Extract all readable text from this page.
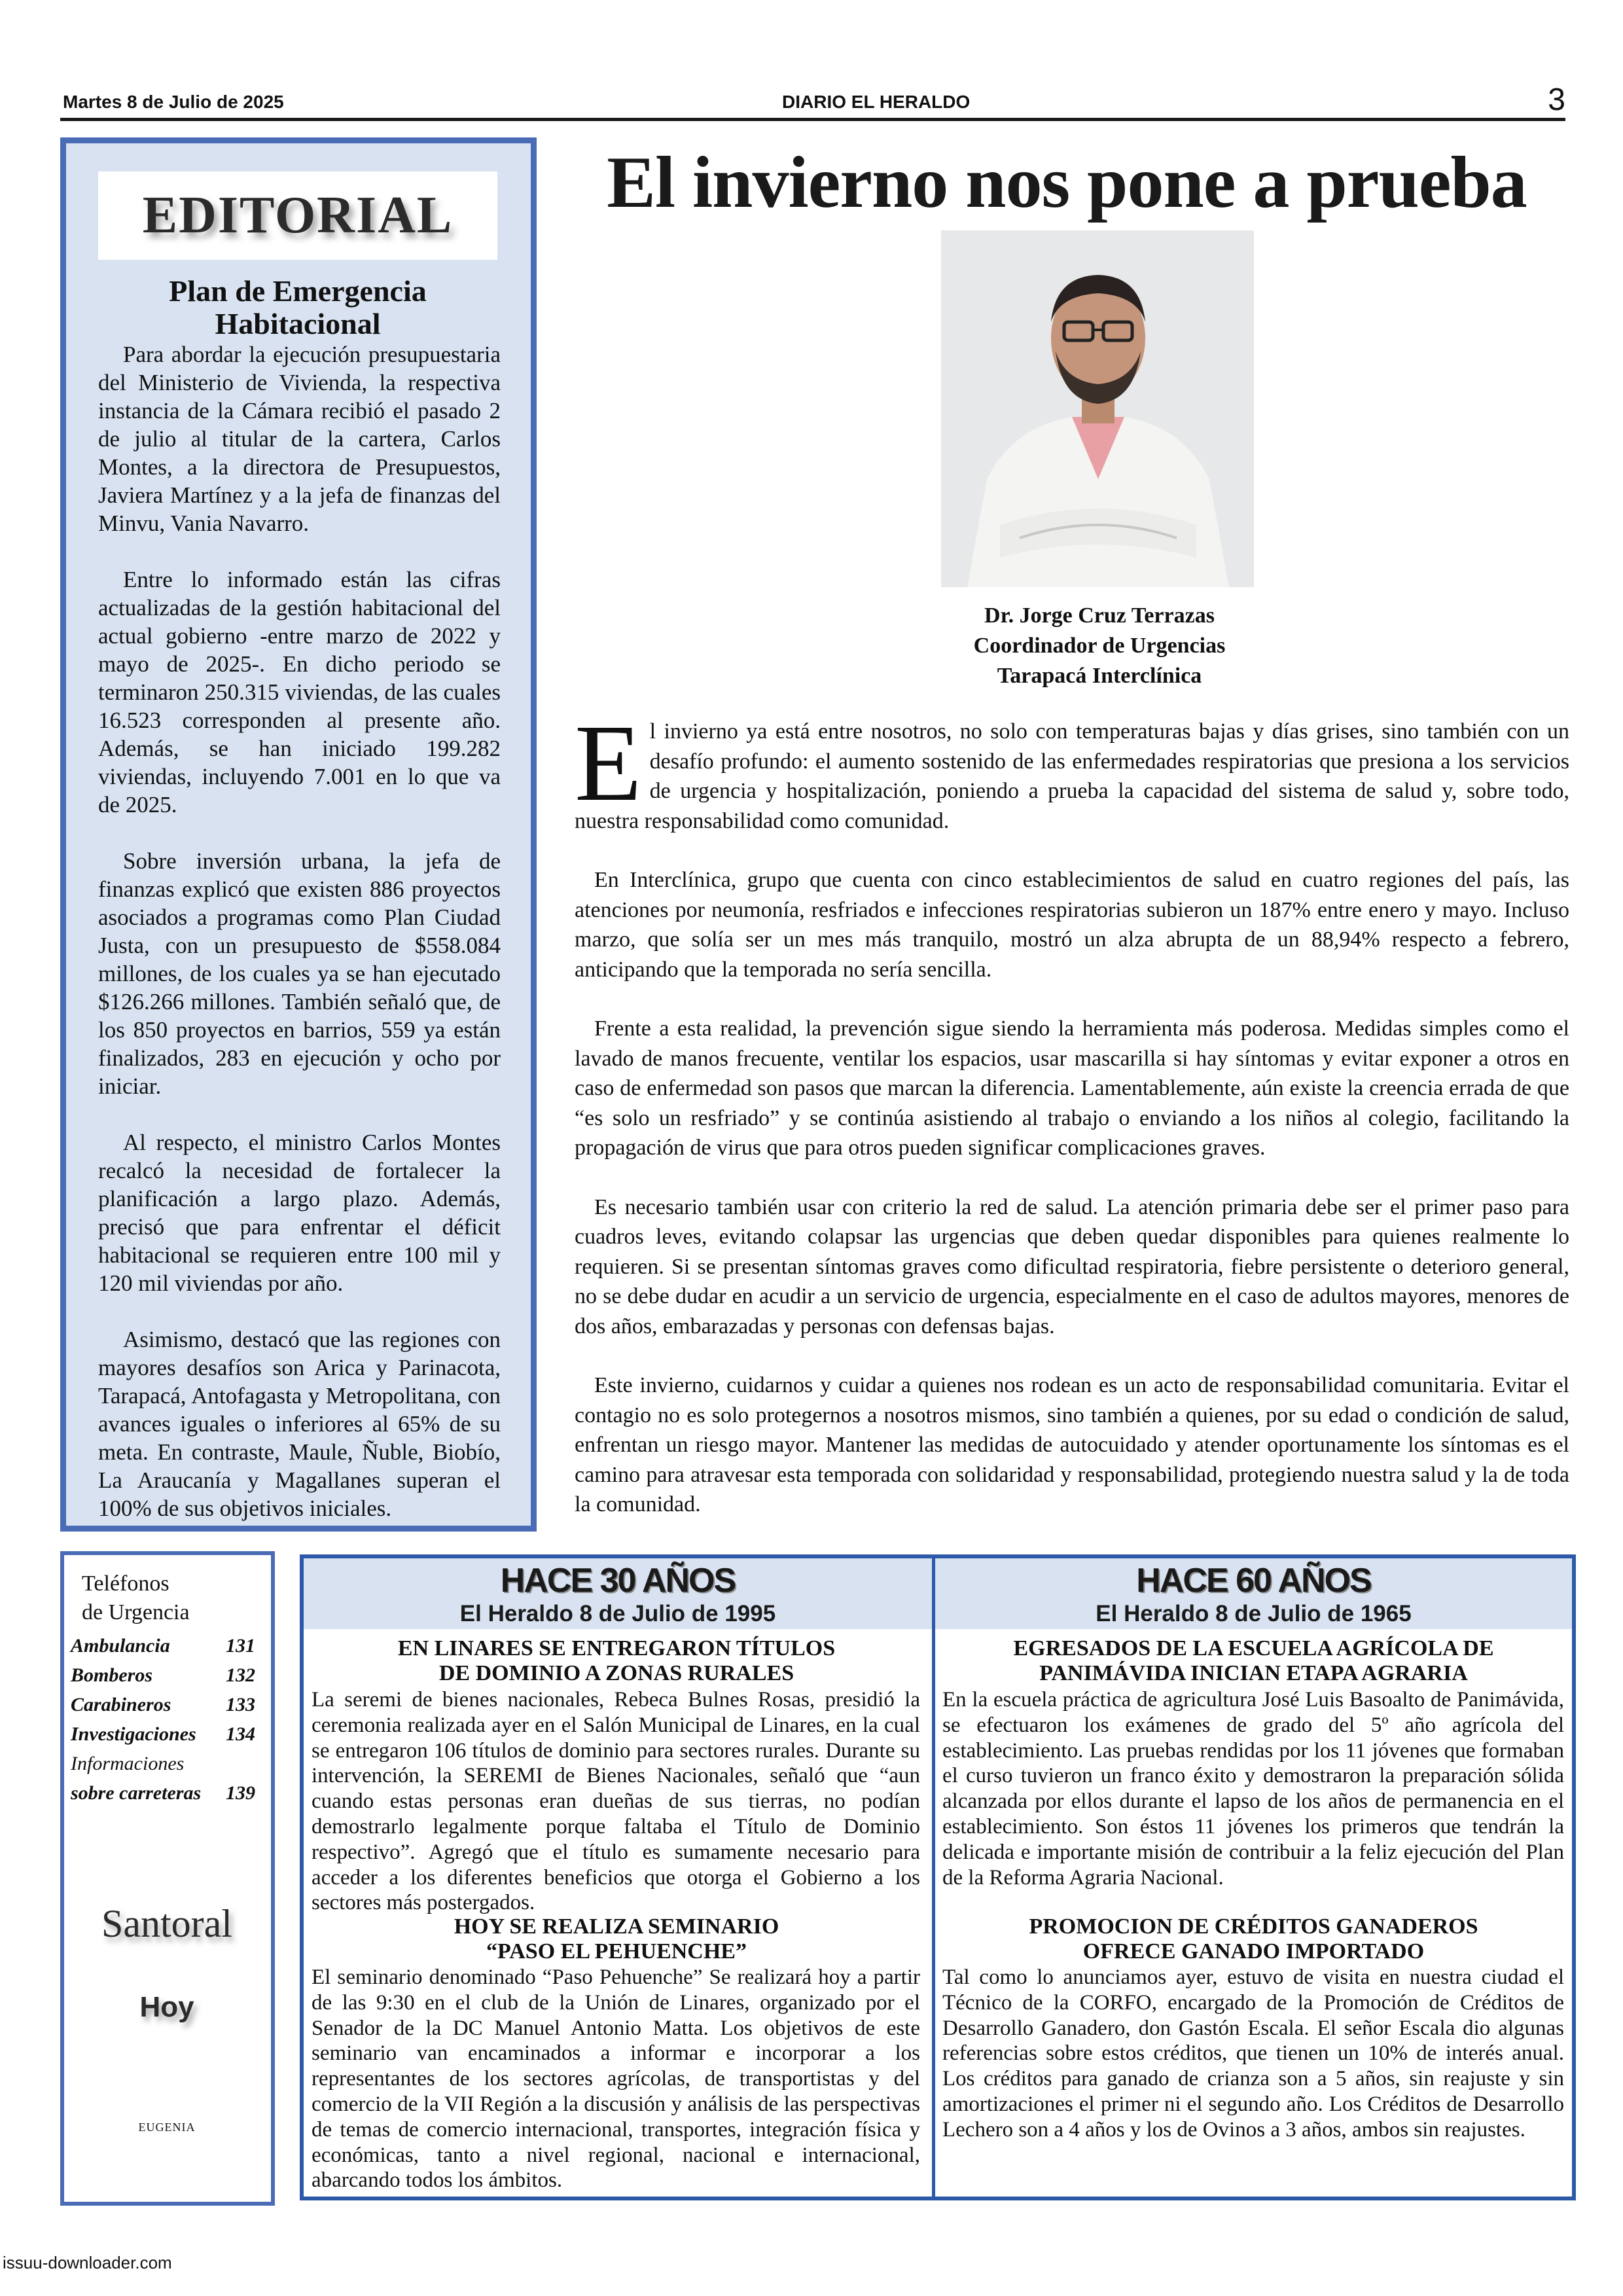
Martes 8 de Julio de 2025	DIARIO EL HERALDO	3
EDITORIAL
Plan de Emergencia Habitacional

Para abordar la ejecución presupuestaria del Ministerio de Vivienda, la respectiva instancia de la Cámara recibió el pasado 2 de julio al titular de la cartera, Carlos Montes, a la directora de Presupuestos, Javiera Martínez y a la jefa de finanzas del Minvu, Vania Navarro.

Entre lo informado están las cifras actualizadas de la gestión habitacional del actual gobierno -entre marzo de 2022 y mayo de 2025-. En dicho periodo se terminaron 250.315 viviendas, de las cuales 16.523 corresponden al presente año. Además, se han iniciado 199.282 viviendas, incluyendo 7.001 en lo que va de 2025.

Sobre inversión urbana, la jefa de finanzas explicó que existen 886 proyectos asociados a programas como Plan Ciudad Justa, con un presupuesto de $558.084 millones, de los cuales ya se han ejecutado $126.266 millones. También señaló que, de los 850 proyectos en barrios, 559 ya están finalizados, 283 en ejecución y ocho por iniciar.

Al respecto, el ministro Carlos Montes recalcó la necesidad de fortalecer la planificación a largo plazo. Además, precisó que para enfrentar el déficit habitacional se requieren entre 100 mil y 120 mil viviendas por año.

Asimismo, destacó que las regiones con mayores desafíos son Arica y Parinacota, Tarapacá, Antofagasta y Metropolitana, con avances iguales o inferiores al 65% de su meta. En contraste, Maule, Ñuble, Biobío, La Araucanía y Magallanes superan el 100% de sus objetivos iniciales.

El invierno nos pone a prueba
Dr. Jorge Cruz Terrazas
Coordinador de Urgencias
Tarapacá Interclínica

El invierno ya está entre nosotros, no solo con temperaturas bajas y días grises, sino también con un desafío profundo: el aumento sostenido de las enfermedades respiratorias que presiona a los servicios de urgencia y hospitalización, poniendo a prueba la capacidad del sistema de salud y, sobre todo, nuestra responsabilidad como comunidad.

En Interclínica, grupo que cuenta con cinco establecimientos de salud en cuatro regiones del país, las atenciones por neumonía, resfriados e infecciones respiratorias subieron un 187% entre enero y mayo. Incluso marzo, que solía ser un mes más tranquilo, mostró un alza abrupta de un 88,94% respecto a febrero, anticipando que la temporada no sería sencilla.

Frente a esta realidad, la prevención sigue siendo la herramienta más poderosa. Medidas simples como el lavado de manos frecuente, ventilar los espacios, usar mascarilla si hay síntomas y evitar exponer a otros en caso de enfermedad son pasos que marcan la diferencia. Lamentablemente, aún existe la creencia errada de que “es solo un resfriado” y se continúa asistiendo al trabajo o enviando a los niños al colegio, facilitando la propagación de virus que para otros pueden significar complicaciones graves.

Es necesario también usar con criterio la red de salud. La atención primaria debe ser el primer paso para cuadros leves, evitando colapsar las urgencias que deben quedar disponibles para quienes realmente lo requieren. Si se presentan síntomas graves como dificultad respiratoria, fiebre persistente o deterioro general, no se debe dudar en acudir a un servicio de urgencia, especialmente en el caso de adultos mayores, menores de dos años, embarazadas y personas con defensas bajas.

Este invierno, cuidarnos y cuidar a quienes nos rodean es un acto de responsabilidad comunitaria. Evitar el contagio no es solo protegernos a nosotros mismos, sino también a quienes, por su edad o condición de salud, enfrentan un riesgo mayor. Mantener las medidas de autocuidado y atender oportunamente los síntomas es el camino para atravesar esta temporada con solidaridad y responsabilidad, protegiendo nuestra salud y la de toda la comunidad.

Teléfonos
de Urgencia
Ambulancia	131
Bomberos	132
Carabineros	133
Investigaciones 134
Informaciones
sobre carreteras 139
Santoral
Hoy
EUGENIA
HACE 30 AÑOS
El Heraldo 8 de Julio de 1995
EN LINARES SE ENTREGARON TÍTULOS
DE DOMINIO A ZONAS RURALES
La seremi de bienes nacionales, Rebeca Bulnes Rosas, presidió la ceremonia realizada ayer en el Salón Municipal de Linares, en la cual se entregaron 106 títulos de dominio para sectores rurales. Durante su intervención, la SEREMI de Bienes Nacionales, señaló que “aun cuando estas personas eran dueñas de sus tierras, no podían demostrarlo legalmente porque faltaba el Título de Dominio respectivo”. Agregó que el título es sumamente necesario para acceder a los diferentes beneficios que otorga el Gobierno a los sectores más postergados.
HOY SE REALIZA SEMINARIO
“PASO EL PEHUENCHE”
El seminario denominado “Paso Pehuenche” Se realizará hoy a partir de las 9:30 en el club de la Unión de Linares, organizado por el Senador de la DC Manuel Antonio Matta. Los objetivos de este seminario van encaminados a informar e incorporar a los representantes de los sectores agrícolas, de transportistas y del comercio de la VII Región a la discusión y análisis de las perspectivas de temas de comercio internacional, transportes, integración física y económicas, tanto a nivel regional, nacional e internacional, abarcando todos los ámbitos.
HACE 60 AÑOS
El Heraldo 8 de Julio de 1965
EGRESADOS DE LA ESCUELA AGRÍCOLA DE
PANIMÁVIDA INICIAN ETAPA AGRARIA
En la escuela práctica de agricultura José Luis Basoalto de Panimávida, se efectuaron los exámenes de grado del 5º año agrícola del establecimiento. Las pruebas rendidas por los 11 jóvenes que formaban el curso tuvieron un franco éxito y demostraron la preparación sólida alcanzada por ellos durante el lapso de los años de permanencia en el establecimiento. Son éstos 11 jóvenes los primeros que tendrán la delicada e importante misión de contribuir a la feliz ejecución del Plan de la Reforma Agraria Nacional.
PROMOCION DE CRÉDITOS GANADEROS
OFRECE GANADO IMPORTADO
Tal como lo anunciamos ayer, estuvo de visita en nuestra ciudad el Técnico de la CORFO, encargado de la Promoción de Créditos de Desarrollo Ganadero, don Gastón Escala. El señor Escala dio algunas referencias sobre estos créditos, que tienen un 10% de interés anual. Los créditos para ganado de crianza son a 5 años, sin reajuste y sin amortizaciones el primer ni el segundo año. Los Créditos de Desarrollo Lechero son a 4 años y los de Ovinos a 3 años, ambos sin reajustes.
issuu-downloader.com
